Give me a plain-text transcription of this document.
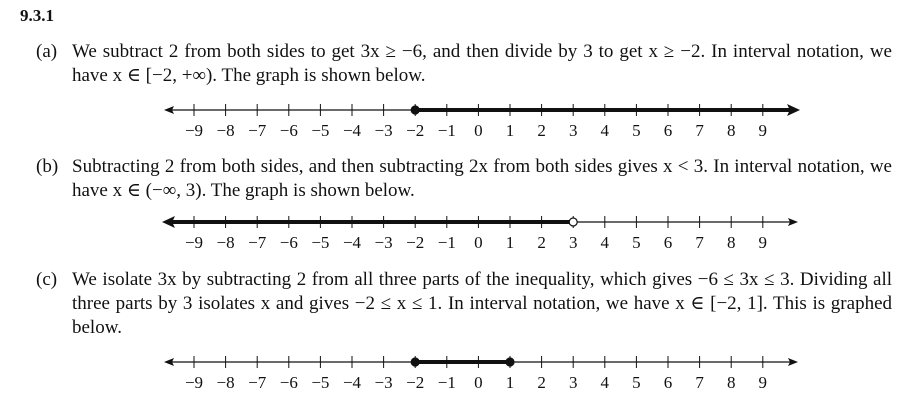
9.3.1
(a) We subtract 2 from both sides to get 3x ≥ −6, and then divide by 3 to get x ≥ −2. In interval notation, we have x ∈ [−2, +∞). The graph is shown below.
−9 −8 −7 −6 −5 −4 −3 −2 −1 0 1 2 3 4 5 6 7 8 9
(b) Subtracting 2 from both sides, and then subtracting 2x from both sides gives x < 3. In interval notation, we have x ∈ (−∞, 3). The graph is shown below.
−9 −8 −7 −6 −5 −4 −3 −2 −1 0 1 2 3 4 5 6 7 8 9
(c) We isolate 3x by subtracting 2 from all three parts of the inequality, which gives −6 ≤ 3x ≤ 3. Dividing all three parts by 3 isolates x and gives −2 ≤ x ≤ 1. In interval notation, we have x ∈ [−2, 1]. This is graphed below.
−9 −8 −7 −6 −5 −4 −3 −2 −1 0 1 2 3 4 5 6 7 8 9
